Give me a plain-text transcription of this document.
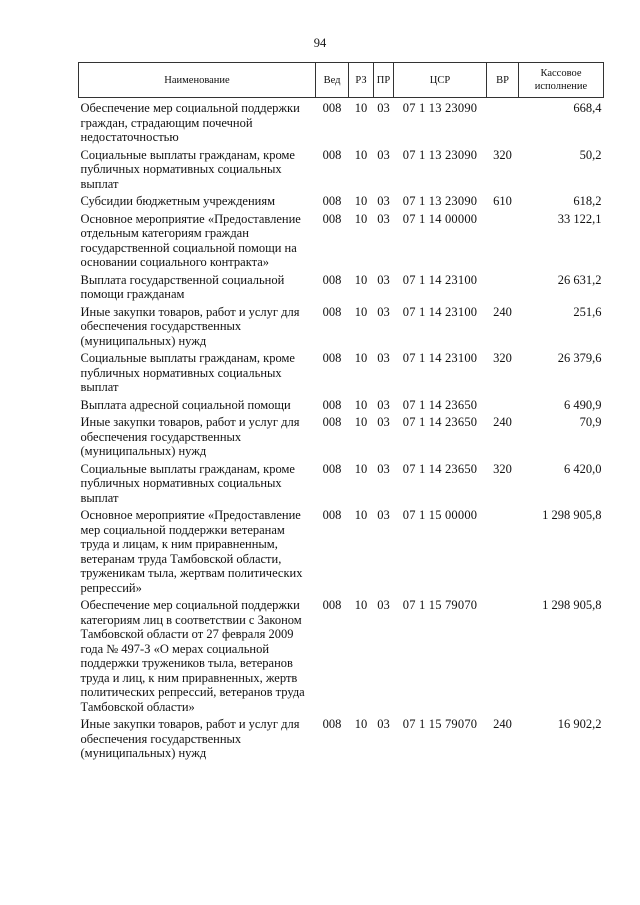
94
Наименование	Вед	РЗ	ПР	ЦСР	ВР	Кассовое исполнение
Обеспечение мер социальной поддержки граждан, страдающим почечной недостаточностью	008	10	03	07 1 13 23090		668,4
Социальные выплаты гражданам, кроме публичных нормативных социальных выплат	008	10	03	07 1 13 23090	320	50,2
Субсидии бюджетным учреждениям	008	10	03	07 1 13 23090	610	618,2
Основное мероприятие «Предоставление отдельным категориям граждан государственной социальной помощи на основании социального контракта»	008	10	03	07 1 14 00000		33 122,1
Выплата государственной социальной помощи гражданам	008	10	03	07 1 14 23100		26 631,2
Иные закупки товаров, работ и услуг для обеспечения государственных (муниципальных) нужд	008	10	03	07 1 14 23100	240	251,6
Социальные выплаты гражданам, кроме публичных нормативных социальных выплат	008	10	03	07 1 14 23100	320	26 379,6
Выплата адресной социальной помощи	008	10	03	07 1 14 23650		6 490,9
Иные закупки товаров, работ и услуг для обеспечения государственных (муниципальных) нужд	008	10	03	07 1 14 23650	240	70,9
Социальные выплаты гражданам, кроме публичных нормативных социальных выплат	008	10	03	07 1 14 23650	320	6 420,0
Основное мероприятие «Предоставление мер социальной поддержки ветеранам труда и лицам, к ним приравненным, ветеранам труда Тамбовской области, труженикам тыла, жертвам политических репрессий»	008	10	03	07 1 15 00000		1 298 905,8
Обеспечение мер социальной поддержки категориям лиц в соответствии с Законом Тамбовской области от 27 февраля 2009 года № 497-З «О мерах социальной поддержки тружеников тыла, ветеранов труда и лиц, к ним приравненных, жертв политических репрессий, ветеранов труда Тамбовской области»	008	10	03	07 1 15 79070		1 298 905,8
Иные закупки товаров, работ и услуг для обеспечения государственных (муниципальных) нужд	008	10	03	07 1 15 79070	240	16 902,2
